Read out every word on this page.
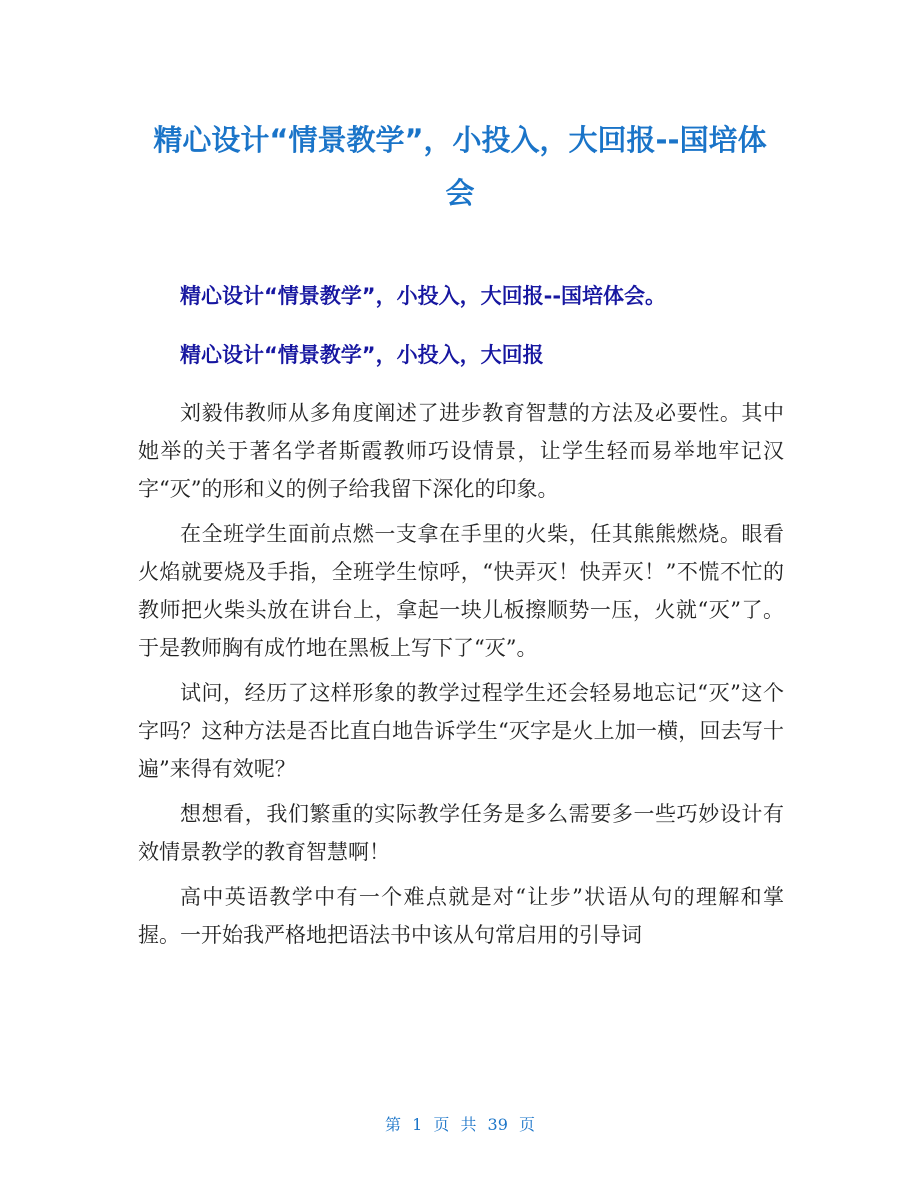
精心设计“情景教学”，小投入，大回报--国培体会
精心设计“情景教学”，小投入，大回报--国培体会。
精心设计“情景教学”，小投入，大回报

刘毅伟教师从多角度阐述了进步教育智慧的方法及必要性。其中她举的关于著名学者斯霞教师巧设情景，让学生轻而易举地牢记汉字“灭”的形和义的例子给我留下深化的印象。

在全班学生面前点燃一支拿在手里的火柴，任其熊熊燃烧。眼看火焰就要烧及手指，全班学生惊呼，“快弄灭！快弄灭！”不慌不忙的教师把火柴头放在讲台上，拿起一块儿板擦顺势一压，火就“灭”了。于是教师胸有成竹地在黑板上写下了“灭”。

试问，经历了这样形象的教学过程学生还会轻易地忘记“灭”这个字吗？这种方法是否比直白地告诉学生“灭字是火上加一横，回去写十遍”来得有效呢？

想想看，我们繁重的实际教学任务是多么需要多一些巧妙设计有效情景教学的教育智慧啊！

高中英语教学中有一个难点就是对“让步”状语从句的理解和掌握。一开始我严格地把语法书中该从句常启用的引导词

第 1 页 共 39 页
